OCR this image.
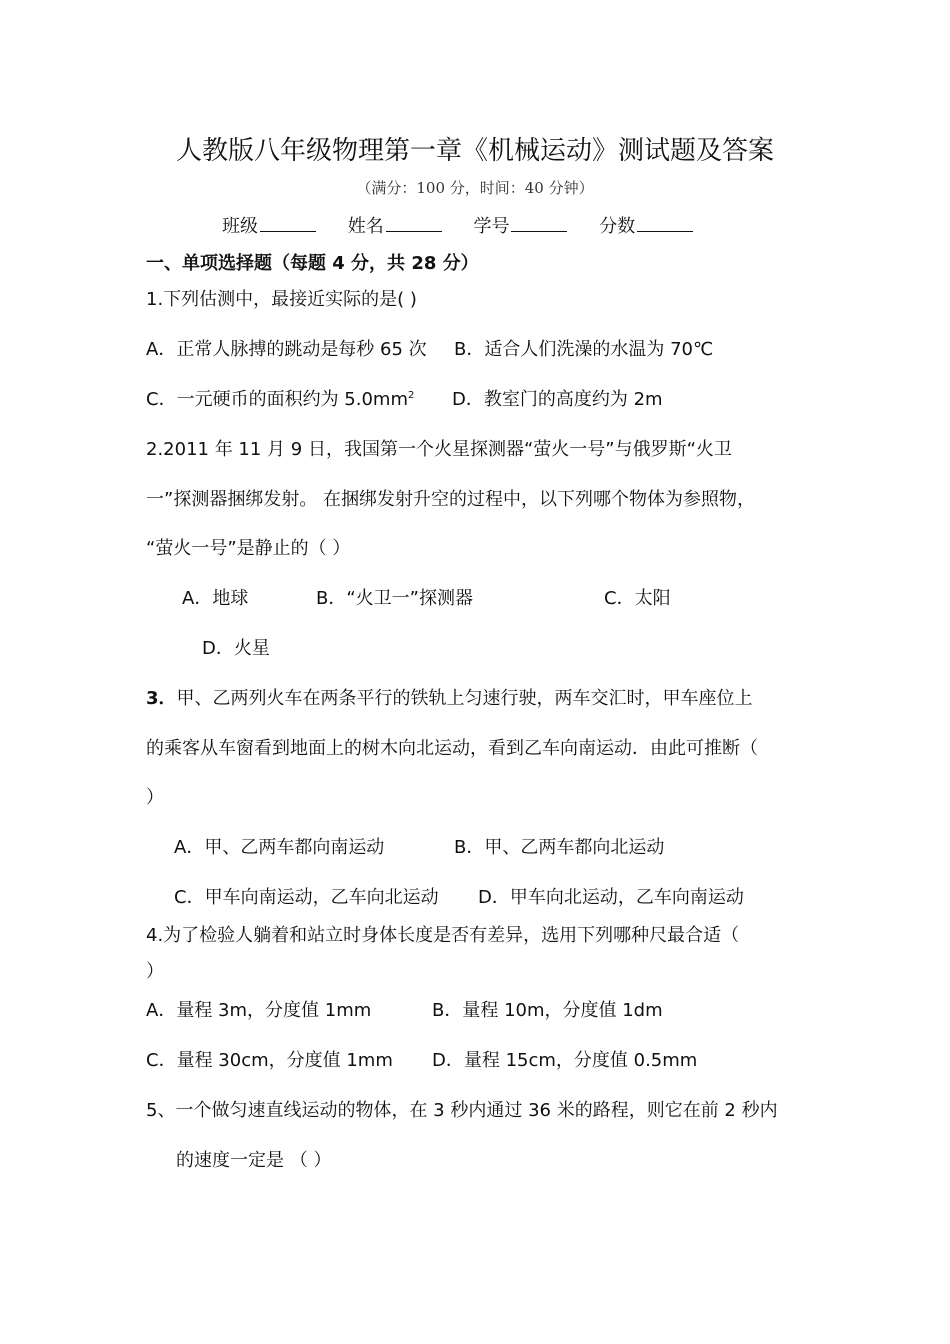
人教版八年级物理第一章《机械运动》测试题及答案
（满分：100 分，时间：40 分钟）
班级	姓名	学号	分数
一、单项选择题（每题 4 分，共 28 分）
1.下列估测中，最接近实际的是( )
A．正常人脉搏的跳动是每秒 65 次 B．适合人们洗澡的水温为 70℃
C．一元硬币的面积约为 $5.0mm^2$ D．教室门的高度约为 2m
2.2011 年 11 月 9 日，我国第一个火星探测器“萤火一号”与俄罗斯“火卫
一”探测器捆绑发射。 在捆绑发射升空的过程中，以下列哪个物体为参照物，
“萤火一号”是静止的（ ）
A．地球	B．“火卫一”探测器	C．太阳
D．火星
3．甲、乙两列火车在两条平行的铁轨上匀速行驶，两车交汇时，甲车座位上
的乘客从车窗看到地面上的树木向北运动，看到乙车向南运动．由此可推断（
）
A．甲、乙两车都向南运动	B．甲、乙两车都向北运动
C．甲车向南运动，乙车向北运动 D．甲车向北运动，乙车向南运动
4.为了检验人躺着和站立时身体长度是否有差异，选用下列哪种尺最合适（
）
A．量程 3m，分度值 1mm	B．量程 10m，分度值 1dm
C．量程 30cm，分度值 1mm D．量程 15cm，分度值 0.5mm
5、一个做匀速直线运动的物体，在 3 秒内通过 36 米的路程，则它在前 2 秒内
的速度一定是 （ ）
